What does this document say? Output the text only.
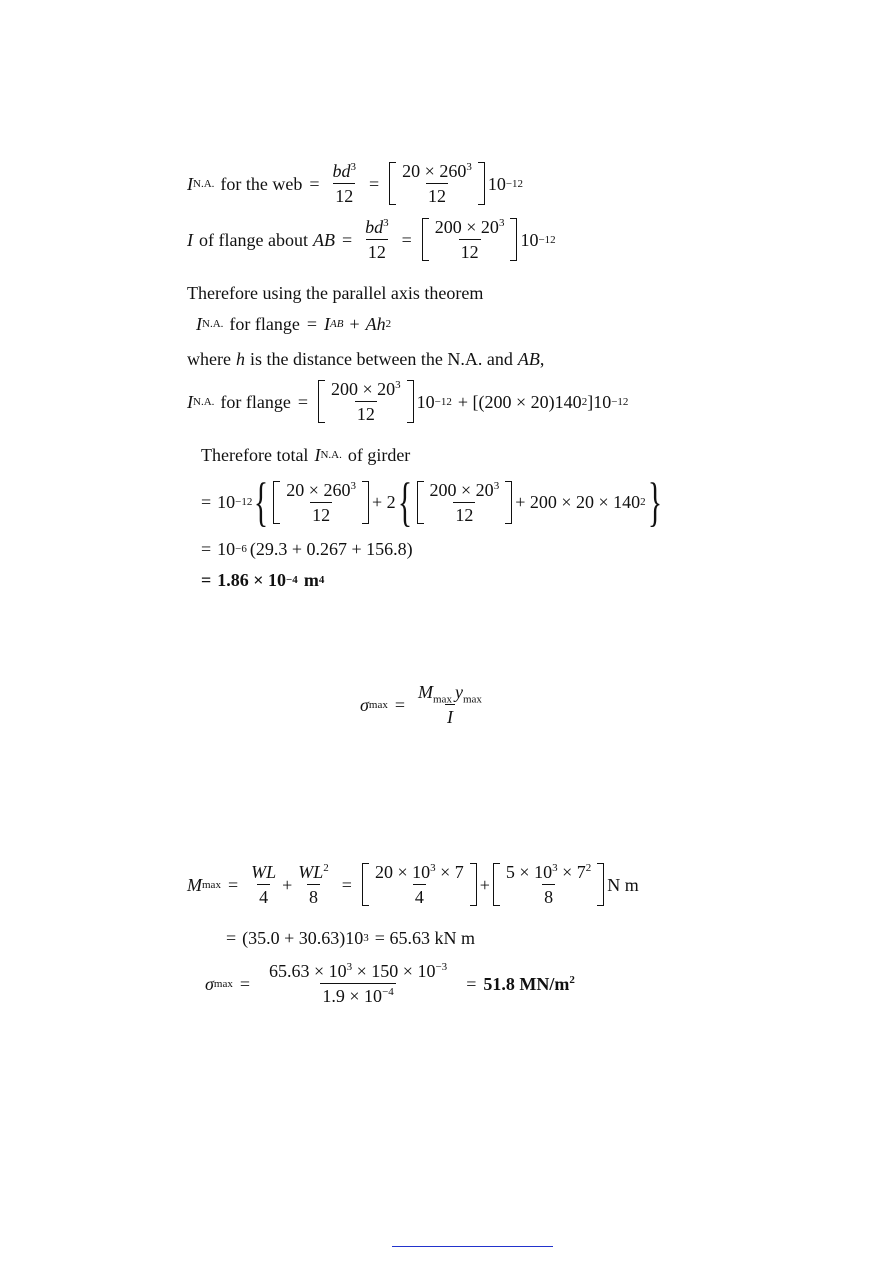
I N.A. for the web = $\frac{bd^3}{12} = \frac{20 \times 260^3}{12} 10 -12$
I of flange about AB = $\frac{bd^3}{12} = \frac{200 \times 20^3}{12} 10 -12$
Therefore using the parallel axis theorem
I N.A. for flange = I AB + Ah 2
where h is the distance between the N.A. and AB ,
I N.A. for flange = $\frac{200 \times 20^3}{12} 10 -12 + [(200 \times 20)140$ 2 ] 10 −12
Therefore total I N.A. of girder
= 10 −12 { $\frac{20 \times 260^3}{12} + 2$ { $\frac{200 \times 20^3}{12} + 200 \times 20 \times 140$ 2 }
= 10 −6 (29.3 + 0.267 + 156.8)
= 1.86 × 10 −4 m 4
σ $\max = \frac{M_{max} y_{max}}{I}$
M $\max = \frac{WL}{4} + \frac{WL^2}{8} = \frac{20 \times 10^3 \times 7}{4} + \frac{5 \times 10^3 \times 7^2}{8}$ N m
= (35.0 + 30.63)10 3 = 65.63 kN m
σ $\max = \frac{65.63 \times 10^3 \times 150 \times 10^{-3}}{1.9 \times 10^{-4}} = 51.8$ $MN/m^2$
